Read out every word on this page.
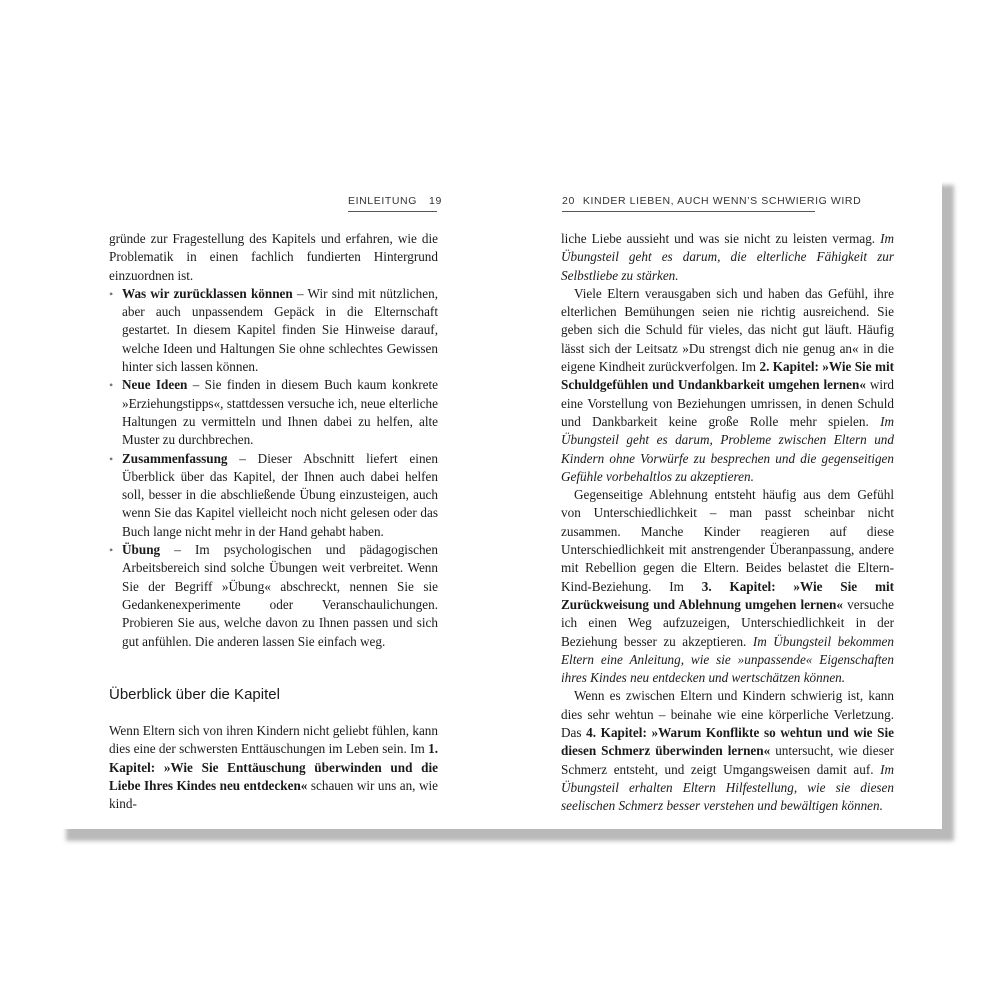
EINLEITUNG 19	20 KINDER LIEBEN, AUCH WENN’S SCHWIERIG WIRD

gründe zur Fragestellung des Kapitels und erfahren, wie die Problematik in einen fachlich fundierten Hintergrund einzuordnen ist.

• Was wir zurücklassen können – Wir sind mit nützlichen, aber auch unpassendem Gepäck in die Elternschaft gestartet. In diesem Kapitel finden Sie Hinweise darauf, welche Ideen und Haltungen Sie ohne schlechtes Gewissen hinter sich lassen können.
• Neue Ideen – Sie finden in diesem Buch kaum konkrete »Erziehungstipps«, stattdessen versuche ich, neue elterliche Haltungen zu vermitteln und Ihnen dabei zu helfen, alte Muster zu durchbrechen.
• Zusammenfassung – Dieser Abschnitt liefert einen Überblick über das Kapitel, der Ihnen auch dabei helfen soll, besser in die abschließende Übung einzusteigen, auch wenn Sie das Kapitel vielleicht noch nicht gelesen oder das Buch lange nicht mehr in der Hand gehabt haben.
• Übung – Im psychologischen und pädagogischen Arbeitsbereich sind solche Übungen weit verbreitet. Wenn Sie der Begriff »Übung« abschreckt, nennen Sie sie Gedankenexperimente oder Veranschaulichungen. Probieren Sie aus, welche davon zu Ihnen passen und sich gut anfühlen. Die anderen lassen Sie einfach weg.

Überblick über die Kapitel

Wenn Eltern sich von ihren Kindern nicht geliebt fühlen, kann dies eine der schwersten Enttäuschungen im Leben sein. Im 1. Kapitel: »Wie Sie Enttäuschung überwinden und die Liebe Ihres Kindes neu entdecken« schauen wir uns an, wie kind-

liche Liebe aussieht und was sie nicht zu leisten vermag. Im Übungsteil geht es darum, die elterliche Fähigkeit zur Selbstliebe zu stärken.

Viele Eltern verausgaben sich und haben das Gefühl, ihre elterlichen Bemühungen seien nie richtig ausreichend. Sie geben sich die Schuld für vieles, das nicht gut läuft. Häufig lässt sich der Leitsatz »Du strengst dich nie genug an« in die eigene Kindheit zurückverfolgen. Im 2. Kapitel: »Wie Sie mit Schuldgefühlen und Undankbarkeit umgehen lernen« wird eine Vorstellung von Beziehungen umrissen, in denen Schuld und Dankbarkeit keine große Rolle mehr spielen. Im Übungsteil geht es darum, Probleme zwischen Eltern und Kindern ohne Vorwürfe zu besprechen und die gegenseitigen Gefühle vorbehaltlos zu akzeptieren.

Gegenseitige Ablehnung entsteht häufig aus dem Gefühl von Unterschiedlichkeit – man passt scheinbar nicht zusammen. Manche Kinder reagieren auf diese Unterschiedlichkeit mit anstrengender Überanpassung, andere mit Rebellion gegen die Eltern. Beides belastet die Eltern-Kind-Beziehung. Im 3. Kapitel: »Wie Sie mit Zurückweisung und Ablehnung umgehen lernen« versuche ich einen Weg aufzuzeigen, Unterschiedlichkeit in der Beziehung besser zu akzeptieren. Im Übungsteil bekommen Eltern eine Anleitung, wie sie »unpassende« Eigenschaften ihres Kindes neu entdecken und wertschätzen können.

Wenn es zwischen Eltern und Kindern schwierig ist, kann dies sehr wehtun – beinahe wie eine körperliche Verletzung. Das 4. Kapitel: »Warum Konflikte so wehtun und wie Sie diesen Schmerz überwinden lernen« untersucht, wie dieser Schmerz entsteht, und zeigt Umgangsweisen damit auf. Im Übungsteil erhalten Eltern Hilfestellung, wie sie diesen seelischen Schmerz besser verstehen und bewältigen können.
